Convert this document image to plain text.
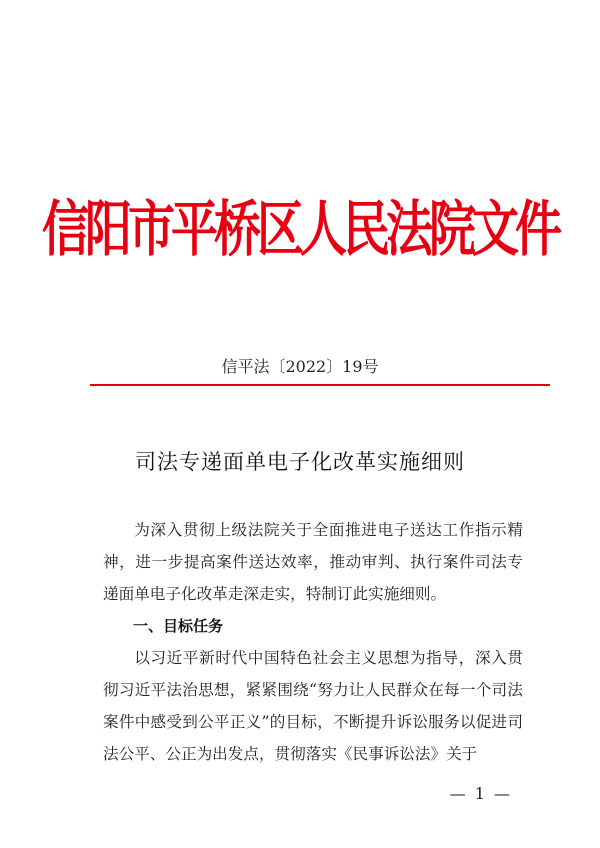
信阳市平桥区人民法院文件
信平法〔2022〕19号
司法专递面单电子化改革实施细则

为深入贯彻上级法院关于全面推进电子送达工作指示精神，进一步提高案件送达效率，推动审判、执行案件司法专递面单电子化改革走深走实，特制订此实施细则。

一、目标任务

以习近平新时代中国特色社会主义思想为指导，深入贯彻习近平法治思想，紧紧围绕“努力让人民群众在每一个司法案件中感受到公平正义”的目标，不断提升诉讼服务以促进司法公平、公正为出发点，贯彻落实《民事诉讼法》关于

— 1 —
